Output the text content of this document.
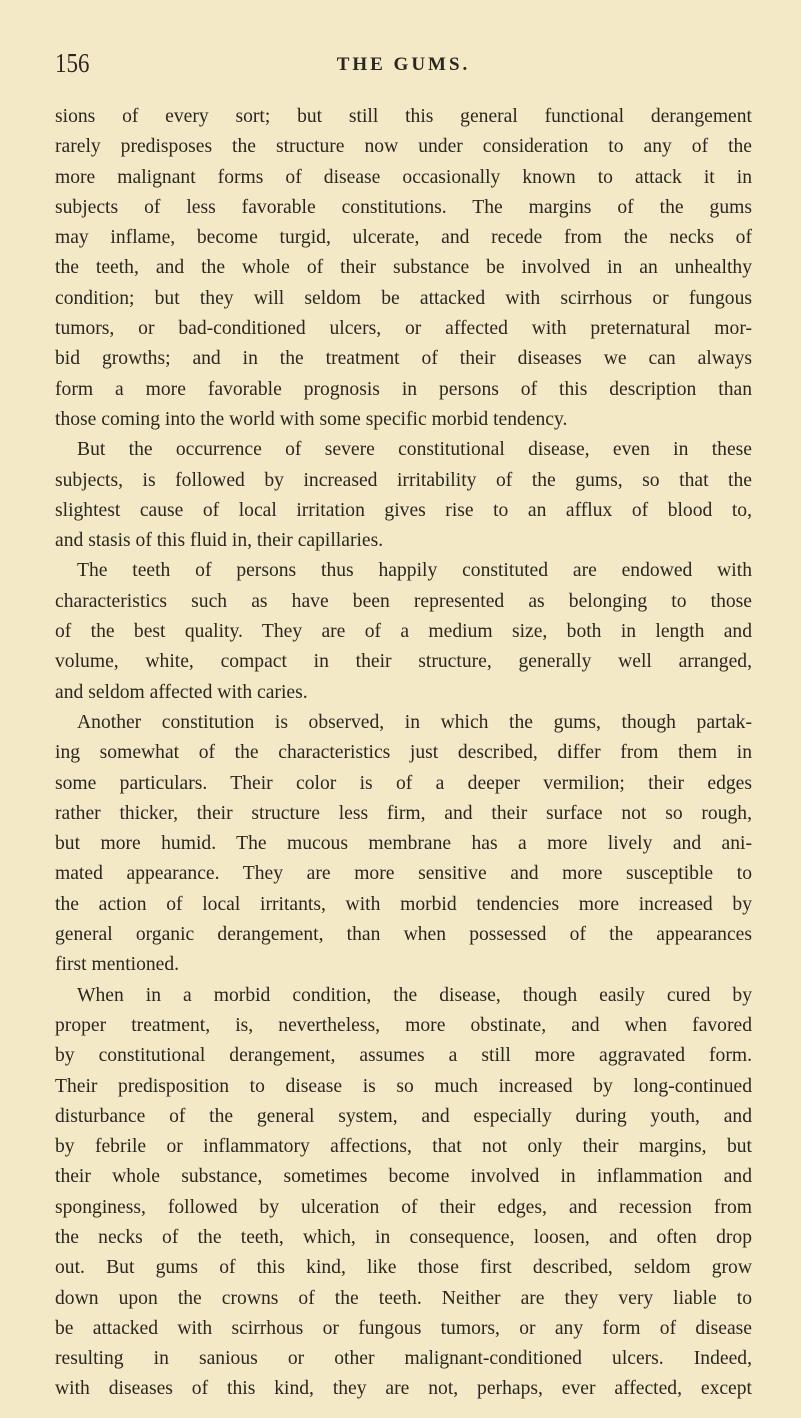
156	THE GUMS.
sions of every sort; but still this general functional derangement
rarely predisposes the structure now under consideration to any of the
more malignant forms of disease occasionally known to attack it in
subjects of less favorable constitutions. The margins of the gums
may inflame, become turgid, ulcerate, and recede from the necks of
the teeth, and the whole of their substance be involved in an unhealthy
condition; but they will seldom be attacked with scirrhous or fungous
tumors, or bad-conditioned ulcers, or affected with preternatural mor-
bid growths; and in the treatment of their diseases we can always
form a more favorable prognosis in persons of this description than
those coming into the world with some specific morbid tendency.
But the occurrence of severe constitutional disease, even in these
subjects, is followed by increased irritability of the gums, so that the
slightest cause of local irritation gives rise to an afflux of blood to,
and stasis of this fluid in, their capillaries.
The teeth of persons thus happily constituted are endowed with
characteristics such as have been represented as belonging to those
of the best quality. They are of a medium size, both in length and
volume, white, compact in their structure, generally well arranged,
and seldom affected with caries.
Another constitution is observed, in which the gums, though partak-
ing somewhat of the characteristics just described, differ from them in
some particulars. Their color is of a deeper vermilion; their edges
rather thicker, their structure less firm, and their surface not so rough,
but more humid. The mucous membrane has a more lively and ani-
mated appearance. They are more sensitive and more susceptible to
the action of local irritants, with morbid tendencies more increased by
general organic derangement, than when possessed of the appearances
first mentioned.
When in a morbid condition, the disease, though easily cured by
proper treatment, is, nevertheless, more obstinate, and when favored
by constitutional derangement, assumes a still more aggravated form.
Their predisposition to disease is so much increased by long-continued
disturbance of the general system, and especially during youth, and
by febrile or inflammatory affections, that not only their margins, but
their whole substance, sometimes become involved in inflammation and
sponginess, followed by ulceration of their edges, and recession from
the necks of the teeth, which, in consequence, loosen, and often drop
out. But gums of this kind, like those first described, seldom grow
down upon the crowns of the teeth. Neither are they very liable to
be attacked with scirrhous or fungous tumors, or any form of disease
resulting in sanious or other malignant-conditioned ulcers. Indeed,
with diseases of this kind, they are not, perhaps, ever affected, except
